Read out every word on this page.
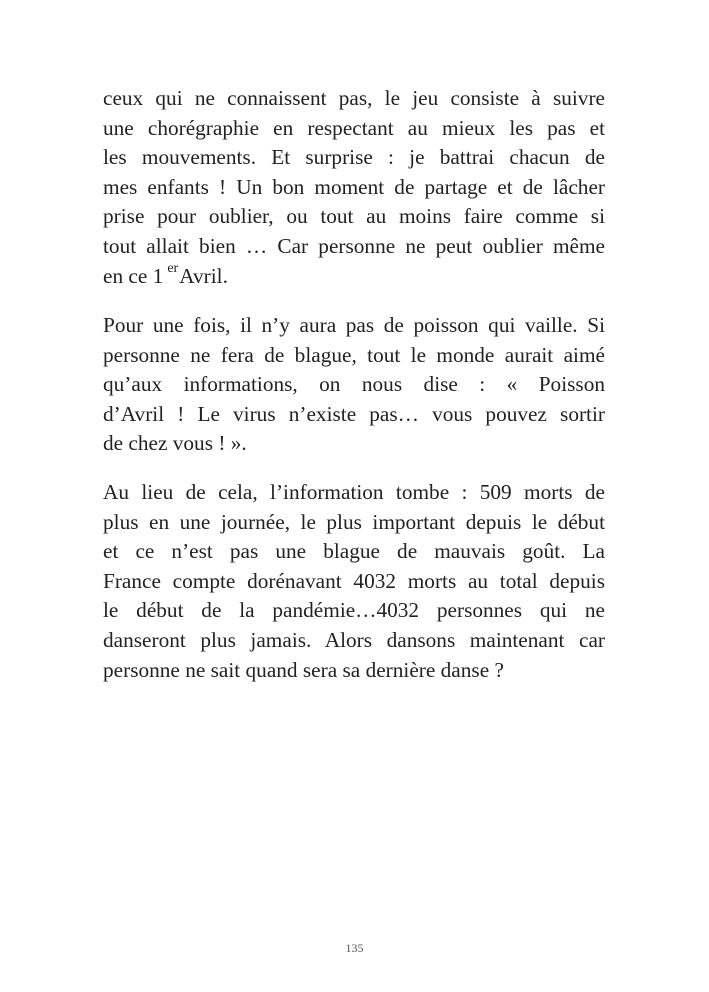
ceux qui ne connaissent pas, le jeu consiste à suivre
une chorégraphie en respectant au mieux les pas et
les mouvements. Et surprise : je battrai chacun de
mes enfants ! Un bon moment de partage et de lâcher
prise pour oublier, ou tout au moins faire comme si
tout allait bien … Car personne ne peut oublier même
en ce 1 $^{er}$Avril.
Pour une fois, il n’y aura pas de poisson qui vaille. Si
personne ne fera de blague, tout le monde aurait aimé
qu’aux informations, on nous dise : « Poisson
d’Avril ! Le virus n’existe pas… vous pouvez sortir
de chez vous ! ».
Au lieu de cela, l’information tombe : 509 morts de
plus en une journée, le plus important depuis le début
et ce n’est pas une blague de mauvais goût. La
France compte dorénavant 4032 morts au total depuis
le début de la pandémie…4032 personnes qui ne
danseront plus jamais. Alors dansons maintenant car
personne ne sait quand sera sa dernière danse ?
135
